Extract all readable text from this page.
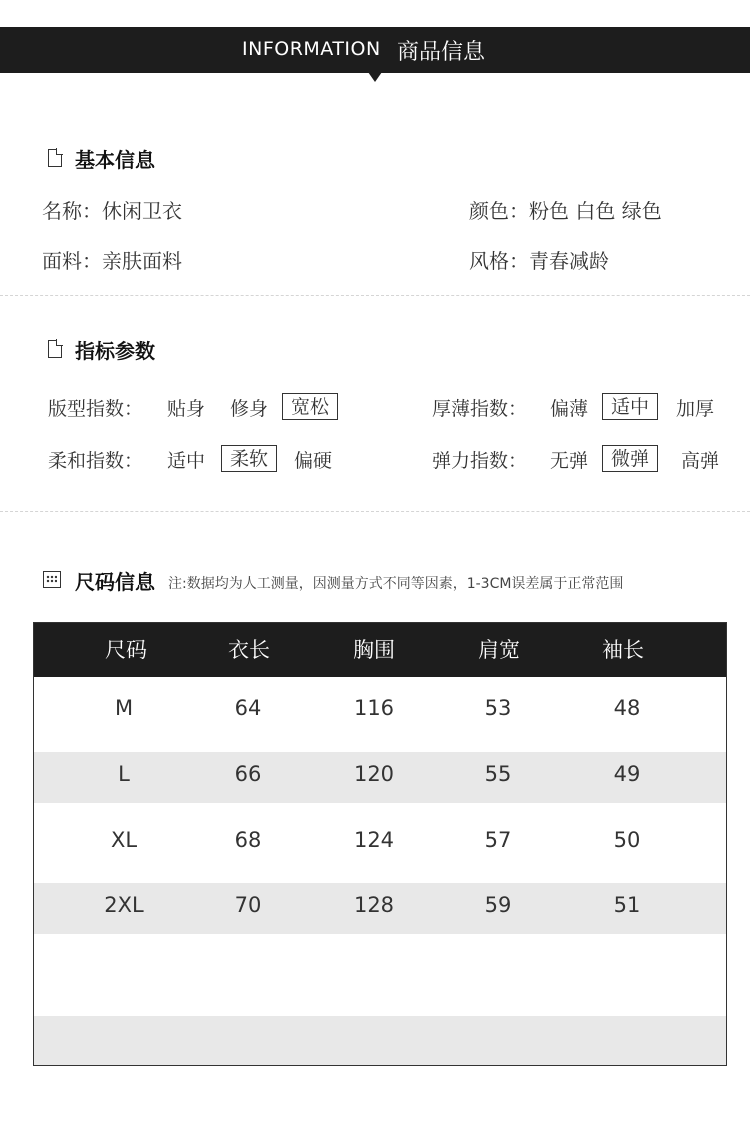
INFORMATION 商品信息
基本信息
名称：休闲卫衣	颜色：粉色 白色 绿色
面料：亲肤面料	风格：青春减龄
指标参数
版型指数： 贴身 修身	宽松	厚薄指数： 偏薄	适中	加厚
柔和指数： 适中	柔软	偏硬	弹力指数： 无弹	微弹	高弹
尺码信息 注:数据均为人工测量，因测量方式不同等因素，1-3CM误差属于正常范围
尺码	衣长	胸围	肩宽	袖长
M	64	116	53	48
L	66	120	55	49
XL	68	124	57	50
2XL	70	128	59	51
